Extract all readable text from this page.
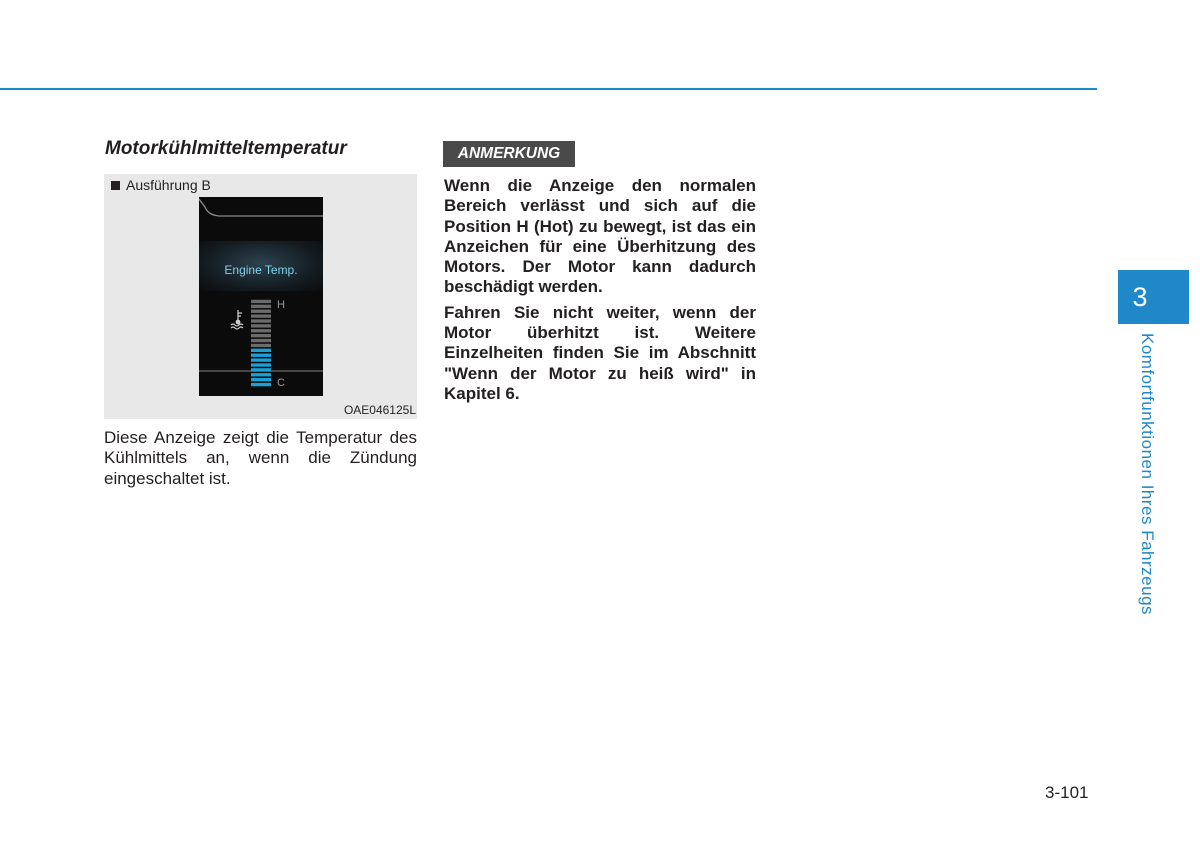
Motorkühlmitteltemperatur
Ausführung B
Engine Temp.
H
C
OAE046125L
Diese Anzeige zeigt die Temperatur des Kühlmittels an, wenn die Zündung eingeschaltet ist.
ANMERKUNG

Wenn die Anzeige den normalen Bereich verlässt und sich auf die Position H (Hot) zu bewegt, ist das ein Anzeichen für eine Überhitzung des Motors. Der Motor kann dadurch beschädigt werden.

Fahren Sie nicht weiter, wenn der Motor überhitzt ist. Weitere Einzelheiten finden Sie im Abschnitt "Wenn der Motor zu heiß wird" in Kapitel 6.

3
Komfortfunktionen Ihres Fahrzeugs
3-101
